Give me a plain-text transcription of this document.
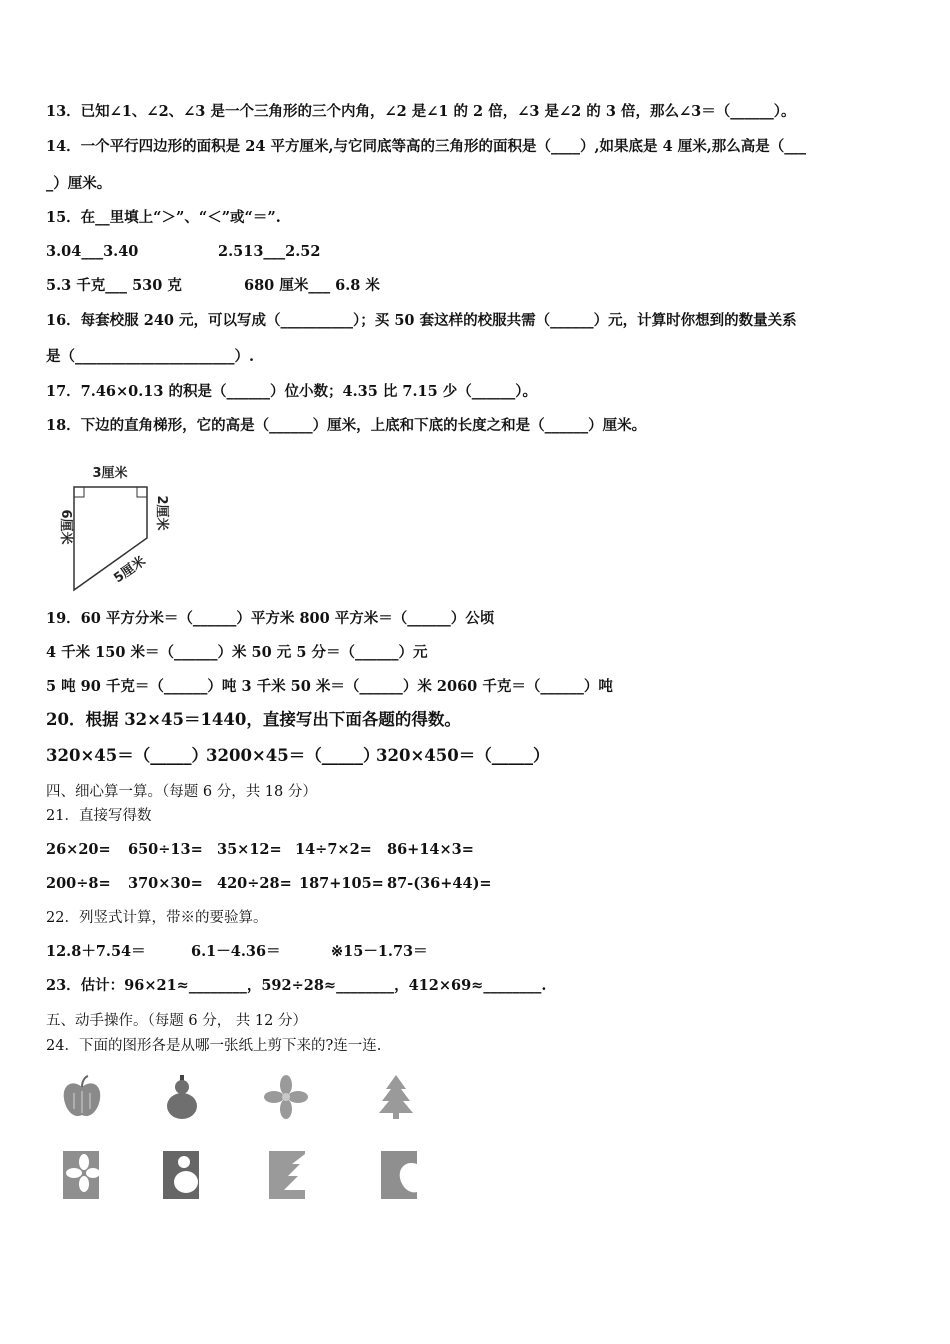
13．已知∠1、∠2、∠3 是一个三角形的三个内角，∠2 是∠1 的 2 倍，∠3 是∠2 的 3 倍，那么∠3＝（______）。
14．一个平行四边形的面积是 24 平方厘米,与它同底等高的三角形的面积是（____）,如果底是 4 厘米,那么高是（___
_）厘米。
15．在__里填上“＞”、“＜”或“＝”.
3.04___3.40	2.513___2.52
5.3 千克___ 530 克	680 厘米___ 6.8 米
16．每套校服 240 元，可以写成（__________）；买 50 套这样的校服共需（______）元，计算时你想到的数量关系
是（______________________）.
17．7.46×0.13 的积是（______）位小数；4.35 比 7.15 少（______）。
18．下边的直角梯形，它的高是（______）厘米，上底和下底的长度之和是（______）厘米。
3厘米
6厘米	2厘米
5厘米
19．60 平方分米＝（______）平方米 800 平方米＝（______）公顷
4 千米 150 米＝（______）米 50 元 5 分＝（______）元
5 吨 90 千克＝（______）吨 3 千米 50 米＝（______）米 2060 千克＝（______）吨
20．根据 32×45＝1440，直接写出下面各题的得数。
320×45＝（_____）3200×45＝（_____）320×450＝（_____）
四、细心算一算。（每题 6 分，共 18 分）
21．直接写得数
26×20= 650÷13= 35×12= 14÷7×2= 86+14×3=
200÷8= 370×30= 420÷28= 187+105= 87-(36+44)=
22．列竖式计算，带※的要验算。
12.8＋7.54＝	6.1－4.36＝	※15－1.73＝
23．估计：96×21≈________，592÷28≈________，412×69≈________.
五、动手操作。（每题 6 分， 共 12 分）
24．下面的图形各是从哪一张纸上剪下来的?连一连.
